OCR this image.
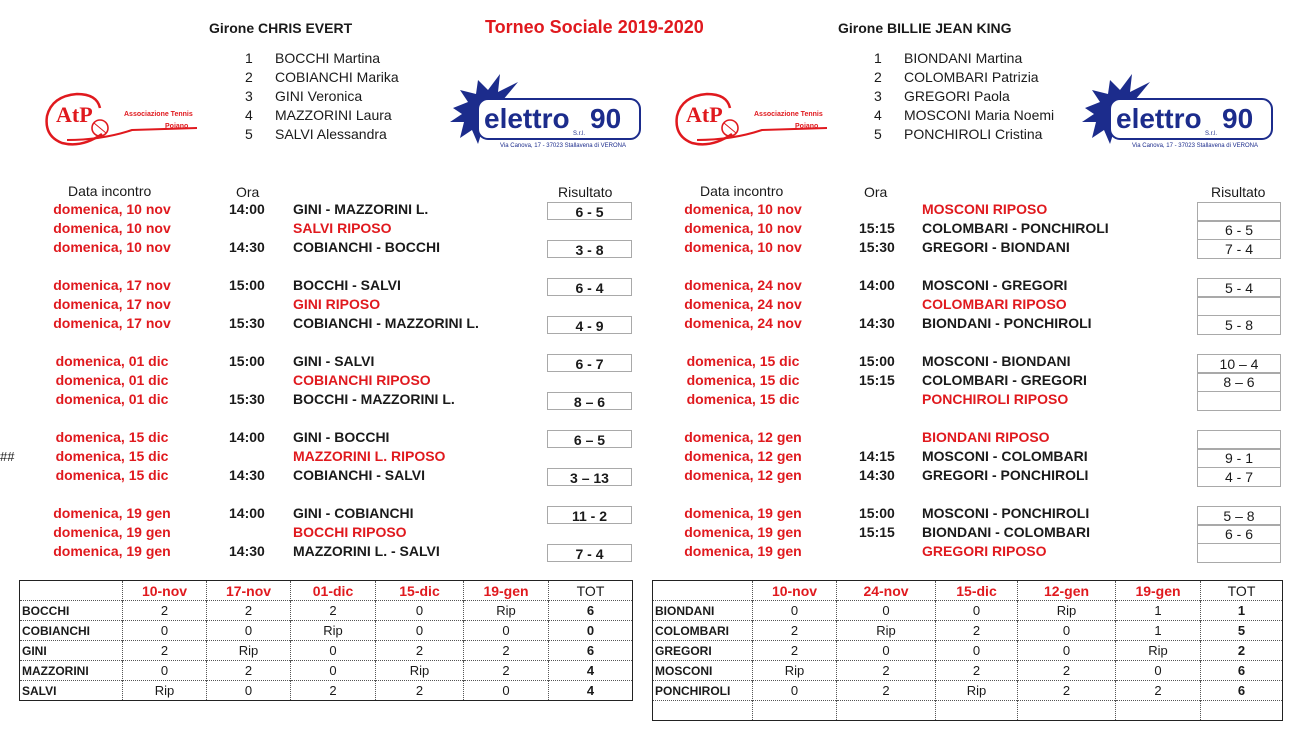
Girone CHRIS EVERT	Torneo Sociale 2019-2020	Girone BILLIE JEAN KING
1	BOCCHI Martina
2	COBIANCHI Marika
3	GINI Veronica
4	MAZZORINI Laura
5	SALVI Alessandra
1	BIONDANI Martina
2	COLOMBARI Patrizia
3	GREGORI Paola
4	MOSCONI Maria Noemi
5	PONCHIROLI Cristina
AtP	Associazione Tennis
Poiano	elettro 90
S.r.l.
Via Canova, 17 - 37023 Stallavena di VERONA
AtP	Associazione Tennis
Poiano	elettro 90
S.r.l.
Via Canova, 17 - 37023 Stallavena di VERONA
Data incontro	Ora	Risultato	Data incontro	Ora	Risultato
##
domenica, 10 nov	14:00 GINI - MAZZORINI L.	6 - 5
domenica, 10 nov	SALVI RIPOSO
domenica, 10 nov	14:30 COBIANCHI - BOCCHI	3 - 8
domenica, 17 nov	15:00 BOCCHI - SALVI	6 - 4
domenica, 17 nov	GINI RIPOSO
domenica, 17 nov	15:30 COBIANCHI - MAZZORINI L.	4 - 9
domenica, 01 dic	15:00 GINI - SALVI	6 - 7
domenica, 01 dic	COBIANCHI RIPOSO
domenica, 01 dic	15:30 BOCCHI - MAZZORINI L.	8 – 6
domenica, 15 dic	14:00 GINI - BOCCHI	6 – 5
domenica, 15 dic	MAZZORINI L. RIPOSO
domenica, 15 dic	14:30 COBIANCHI - SALVI	3 – 13
domenica, 19 gen	14:00 GINI - COBIANCHI	11 - 2
domenica, 19 gen	BOCCHI RIPOSO
domenica, 19 gen	14:30 MAZZORINI L. - SALVI	7 - 4
domenica, 10 nov	MOSCONI RIPOSO
domenica, 10 nov	15:15 COLOMBARI - PONCHIROLI	6 - 5
domenica, 10 nov	15:30 GREGORI - BIONDANI	7 - 4
domenica, 24 nov	14:00 MOSCONI - GREGORI	5 - 4
domenica, 24 nov	COLOMBARI RIPOSO
domenica, 24 nov	14:30 BIONDANI - PONCHIROLI	5 - 8
domenica, 15 dic	15:00 MOSCONI - BIONDANI	10 – 4
domenica, 15 dic	15:15 COLOMBARI - GREGORI	8 – 6
domenica, 15 dic	PONCHIROLI RIPOSO
domenica, 12 gen	BIONDANI RIPOSO
domenica, 12 gen	14:15 MOSCONI - COLOMBARI	9 - 1
domenica, 12 gen	14:30 GREGORI - PONCHIROLI	4 - 7
domenica, 19 gen	15:00 MOSCONI - PONCHIROLI	5 – 8
domenica, 19 gen	15:15 BIONDANI - COLOMBARI	6 - 6
domenica, 19 gen	GREGORI RIPOSO
	10-nov	17-nov	01-dic	15-dic	19-gen	TOT
BOCCHI	2	2	2	0	Rip	6
COBIANCHI	0	0	Rip	0	0	0
GINI	2	Rip	0	2	2	6
MAZZORINI	0	2	0	Rip	2	4
SALVI	Rip	0	2	2	0	4
	10-nov	24-nov	15-dic	12-gen	19-gen	TOT
BIONDANI	0	0	0	Rip	1	1
COLOMBARI	2	Rip	2	0	1	5
GREGORI	2	0	0	0	Rip	2
MOSCONI	Rip	2	2	2	0	6
PONCHIROLI	0	2	Rip	2	2	6
